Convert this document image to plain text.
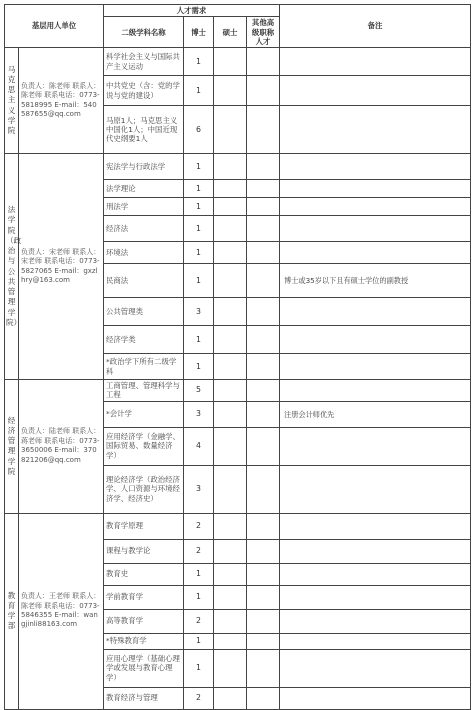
基层用人单位		人才需求				备注
		二级学科名称	博士	硕士	其他高级职称人才	
马克思主义学院	负责人：陈老师 联系人：陈老师 联系电话：0773-5818995 E-mail：540587655@qq.com	科学社会主义与国际共产主义运动	1			
		中共党史（含：党的学说与党的建设）	1			
		马原1人；马克思主义中国化1人；中国近现代史纲要1人	6			
法学院（政治与公共管理学院）	负责人：宋老师 联系人：宋老师 联系电话：0773-5827065 E-mail：gxzlhry@163.com	宪法学与行政法学	1			
		法学理论	1			
		刑法学	1			
		经济法	1			
		环境法	1			
		民商法	1			博士或35岁以下且有硕士学位的副教授
		公共管理类	3			
		经济学类	1			
		*政治学下所有二级学科	1			
经济管理学院	负责人：陆老师 联系人：蒋老师 联系电话：0773-3650006 E-mail：370821206@qq.com	工商管理、管理科学与工程	5			
		*会计学	3			注册会计师优先
		应用经济学（金融学、国际贸易、数量经济学）	4			
		理论经济学（政治经济学、人口资源与环境经济学、经济史）	3			
教育学部	负责人：王老师 联系人：陈老师 联系电话：0773-5846355 E-mail：wangjinli88163.com	教育学原理	2			
		课程与教学论	2			
		教育史	1			
		学前教育学	1			
		高等教育学	2			
		*特殊教育学	1			
		应用心理学（基础心理学或发展与教育心理学）	1			
		教育经济与管理	2			
